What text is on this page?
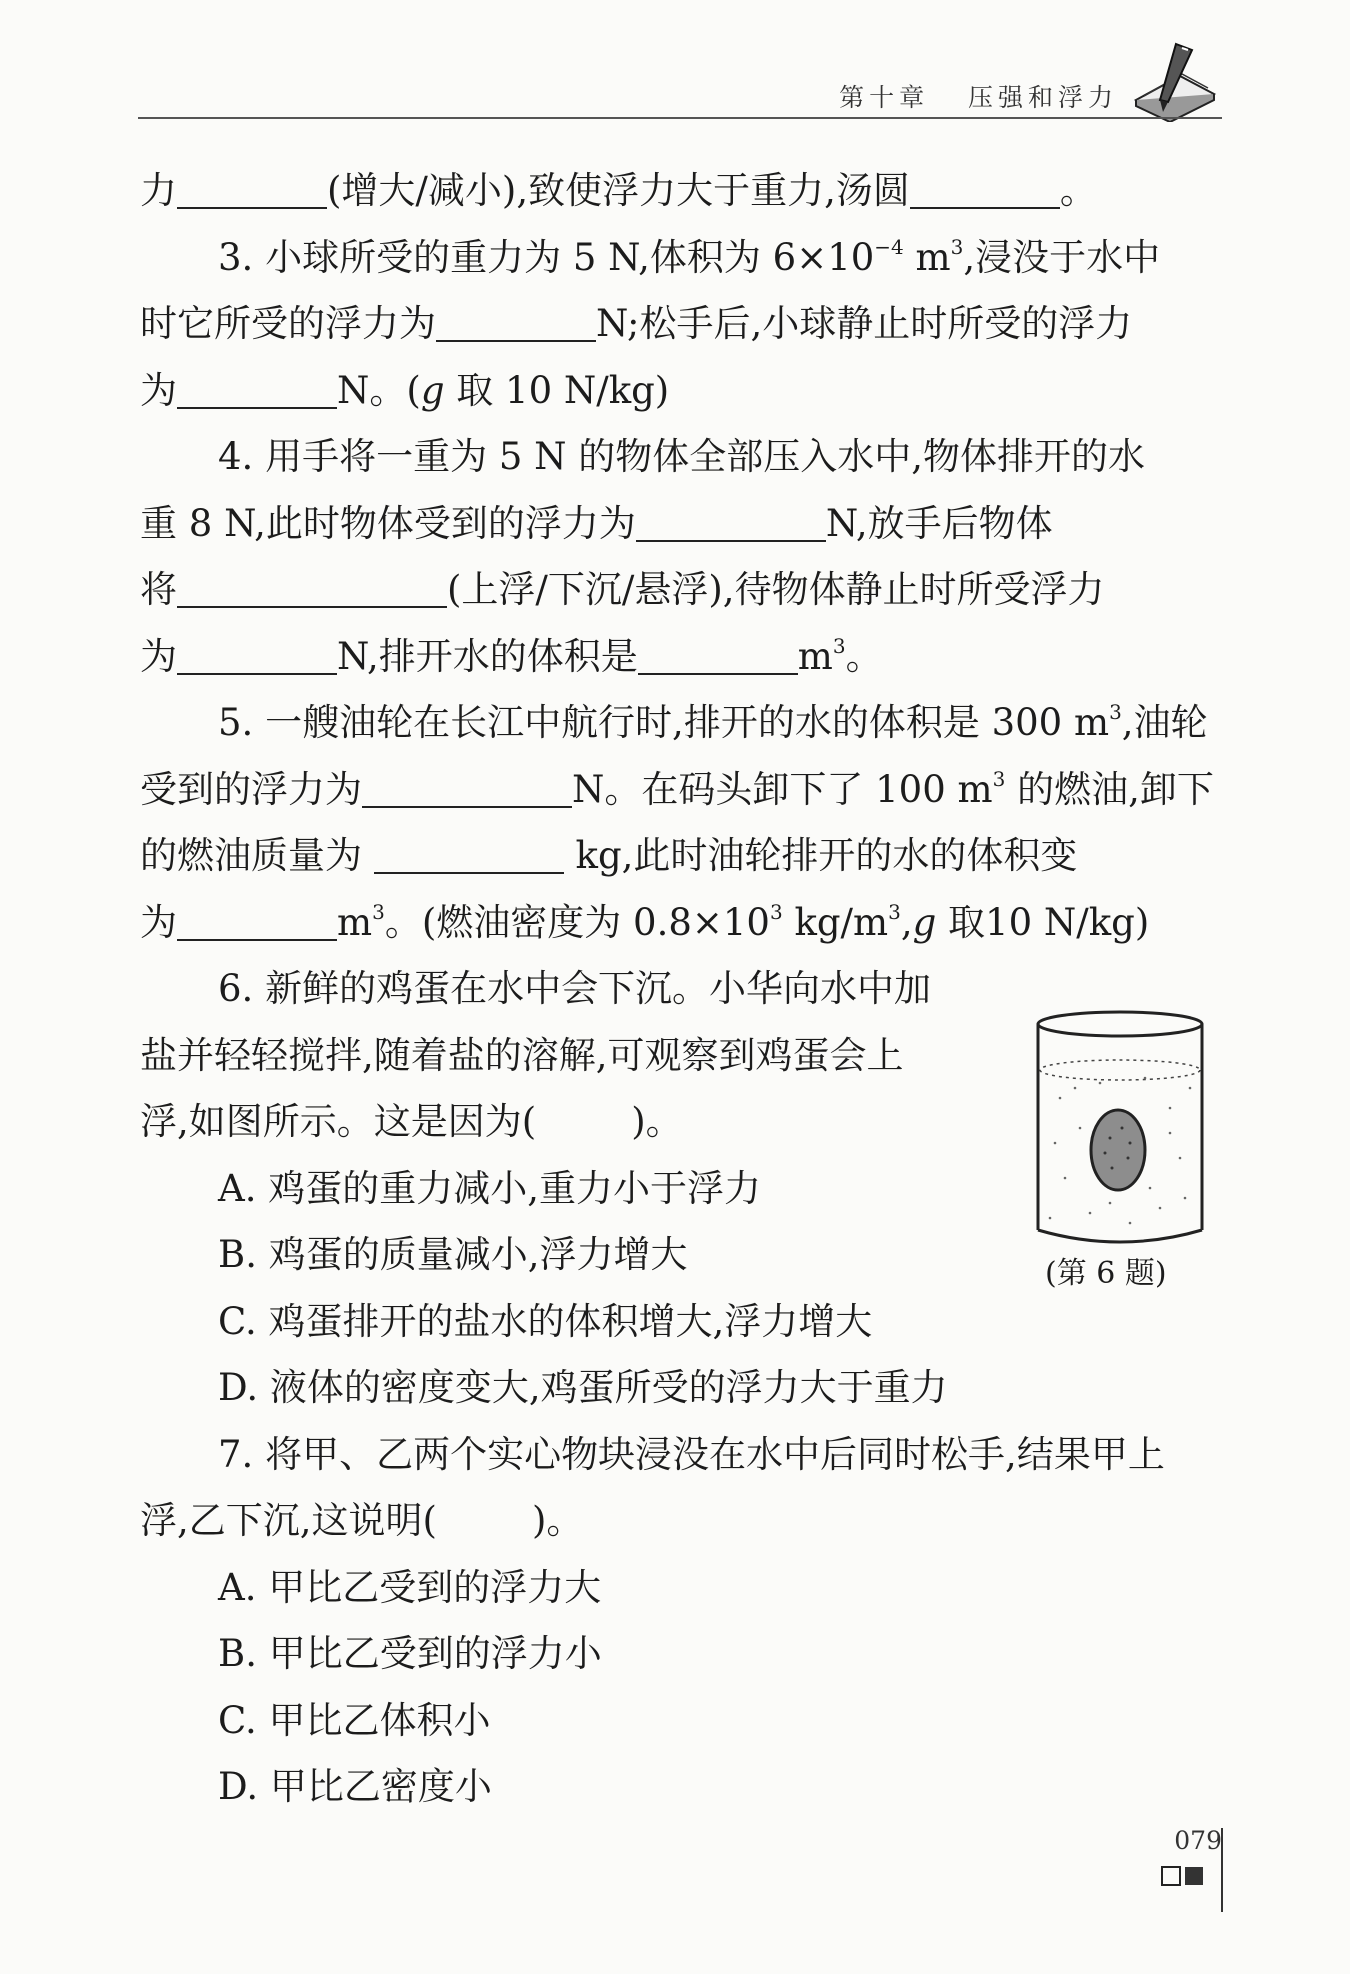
第十章 压强和浮力
力	(增大/减小),致使浮力大于重力,汤圆	。
3. 小球所受的重力为 5 N,体积为 $6\times 10^{-4}$ $m^3$,浸没于水中
时它所受的浮力为	N;松手后,小球静止时所受的浮力
为	N。(g 取 10 N/kg)
4. 用手将一重为 5 N 的物体全部压入水中,物体排开的水
重 8 N,此时物体受到的浮力为	N,放手后物体
将	(上浮/下沉/悬浮),待物体静止时所受浮力
为	N,排开水的体积是	$m^3$。
5. 一艘油轮在长江中航行时,排开的水的体积是 300 $m^3$,油轮
受到的浮力为	N。在码头卸下了 100 $m^3$ 的燃油,卸下
的燃油质量为	kg,此时油轮排开的水的体积变
为	$m^3$。(燃油密度为 $0.8\times 10^3$ $kg/m^3,g$ 取10 N/kg)
6. 新鲜的鸡蛋在水中会下沉。小华向水中加
盐并轻轻搅拌,随着盐的溶解,可观察到鸡蛋会上
浮,如图所示。这是因为(	)。
A. 鸡蛋的重力减小,重力小于浮力
B. 鸡蛋的质量减小,浮力增大
C. 鸡蛋排开的盐水的体积增大,浮力增大
D. 液体的密度变大,鸡蛋所受的浮力大于重力
7. 将甲、乙两个实心物块浸没在水中后同时松手,结果甲上
浮,乙下沉,这说明(	)。
A. 甲比乙受到的浮力大
B. 甲比乙受到的浮力小
C. 甲比乙体积小
D. 甲比乙密度小
(第 6 题)
079
